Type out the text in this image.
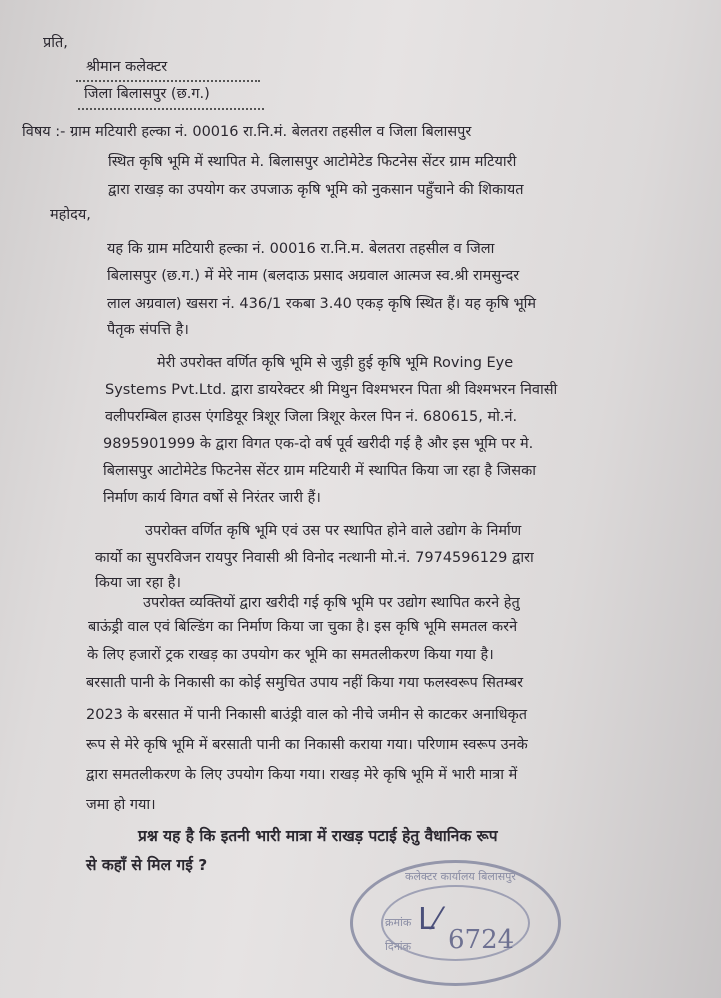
प्रति,
श्रीमान कलेक्टर
जिला बिलासपुर (छ.ग.)
विषय :- ग्राम मटियारी हल्का नं. 00016 रा.नि.मं. बेलतरा तहसील व जिला बिलासपुर
स्थित कृषि भूमि में स्थापित मे. बिलासपुर आटोमेटेड फिटनेस सेंटर ग्राम मटियारी
द्वारा राखड़ का उपयोग कर उपजाऊ कृषि भूमि को नुकसान पहुँचाने की शिकायत
महोदय,
यह कि ग्राम मटियारी हल्का नं. 00016 रा.नि.म. बेलतरा तहसील व जिला
बिलासपुर (छ.ग.) में मेरे नाम (बलदाऊ प्रसाद अग्रवाल आत्मज स्व.श्री रामसुन्दर
लाल अग्रवाल) खसरा नं. 436/1 रकबा 3.40 एकड़ कृषि स्थित हैं। यह कृषि भूमि
पैतृक संपत्ति है।
मेरी उपरोक्त वर्णित कृषि भूमि से जुड़ी हुई कृषि भूमि Roving Eye
Systems Pvt.Ltd. द्वारा डायरेक्टर श्री मिथुन विश्मभरन पिता श्री विश्मभरन निवासी
वलीपरम्बिल हाउस एंगडियूर त्रिशूर जिला त्रिशूर केरल पिन नं. 680615, मो.नं.
9895901999 के द्वारा विगत एक-दो वर्ष पूर्व खरीदी गई है और इस भूमि पर मे.
बिलासपुर आटोमेटेड फिटनेस सेंटर ग्राम मटियारी में स्थापित किया जा रहा है जिसका
निर्माण कार्य विगत वर्षो से निरंतर जारी हैं।
उपरोक्त वर्णित कृषि भूमि एवं उस पर स्थापित होने वाले उद्योग के निर्माण
कार्यो का सुपरविजन रायपुर निवासी श्री विनोद नत्थानी मो.नं. 7974596129 द्वारा
किया जा रहा है।
उपरोक्त व्यक्तियों द्वारा खरीदी गई कृषि भूमि पर उद्योग स्थापित करने हेतु
बाऊंड्री वाल एवं बिल्डिंग का निर्माण किया जा चुका है। इस कृषि भूमि समतल करने
के लिए हजारों ट्रक राखड़ का उपयोग कर भूमि का समतलीकरण किया गया है।
बरसाती पानी के निकासी का कोई समुचित उपाय नहीं किया गया फलस्वरूप सितम्बर
2023 के बरसात में पानी निकासी बाउंड्री वाल को नीचे जमीन से काटकर अनाधिकृत
रूप से मेरे कृषि भूमि में बरसाती पानी का निकासी कराया गया। परिणाम स्वरूप उनके
द्वारा समतलीकरण के लिए उपयोग किया गया। राखड़ मेरे कृषि भूमि में भारी मात्रा में
जमा हो गया।
प्रश्न यह है कि इतनी भारी मात्रा में राखड़ पटाई हेतु वैधानिक रूप
से कहाँ से मिल गई ?
कलेक्टर कार्यालय बिलासपुर
क्रमांक
दिनांक 6724
ᒪ⁄
